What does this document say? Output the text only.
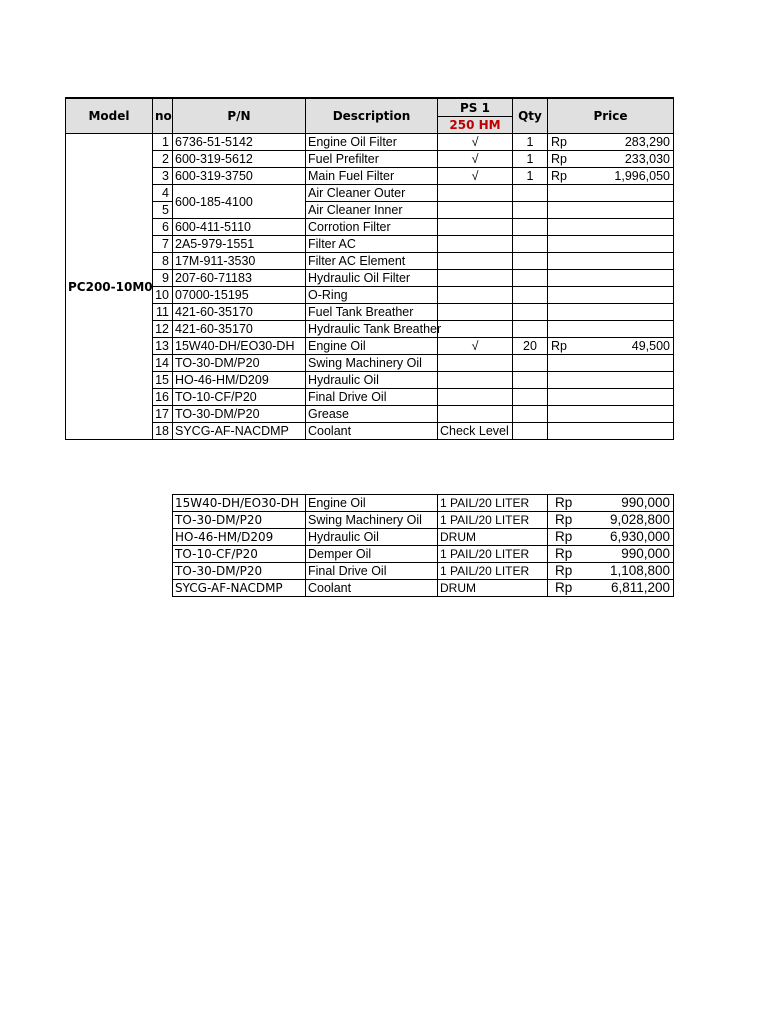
Model	no	P/N	Description	PS 1	Qty	Price
				250 HM		
PC200-10M0	1	6736-51-5142	Engine Oil Filter	√	1	Rp 283,290

	2	600-319-5612	Fuel Prefilter	√	1	Rp 233,030

	3	600-319-3750	Main Fuel Filter	√	1	Rp 1,996,050

	4	600-185-4100	Air Cleaner Outer			

	5		Air Cleaner Inner			

	6	600-411-5110	Corrotion Filter			

	7	2A5-979-1551	Filter AC			

	8	17M-911-3530	Filter AC Element			

	9	207-60-71183	Hydraulic Oil Filter			

	10	07000-15195	O-Ring			

	11	421-60-35170	Fuel Tank Breather			

	12	421-60-35170	Hydraulic Tank Breather			

	13	15W40-DH/EO30-DH	Engine Oil	√	20	Rp 49,500

	14	TO-30-DM/P20	Swing Machinery Oil			

	15	HO-46-HM/D209	Hydraulic Oil			

	16	TO-10-CF/P20	Final Drive Oil			

	17	TO-30-DM/P20	Grease			

	18	SYCG-AF-NACDMP	Coolant	Check Level		
15W40-DH/EO30-DH	Engine Oil	1 PAIL/20 LITER	Rp 990,000

TO-30-DM/P20	Swing Machinery Oil	1 PAIL/20 LITER	Rp 9,028,800

HO-46-HM/D209	Hydraulic Oil	DRUM	Rp 6,930,000

TO-10-CF/P20	Demper Oil	1 PAIL/20 LITER	Rp 990,000

TO-30-DM/P20	Final Drive Oil	1 PAIL/20 LITER	Rp 1,108,800

SYCG-AF-NACDMP	Coolant	DRUM	Rp 6,811,200
